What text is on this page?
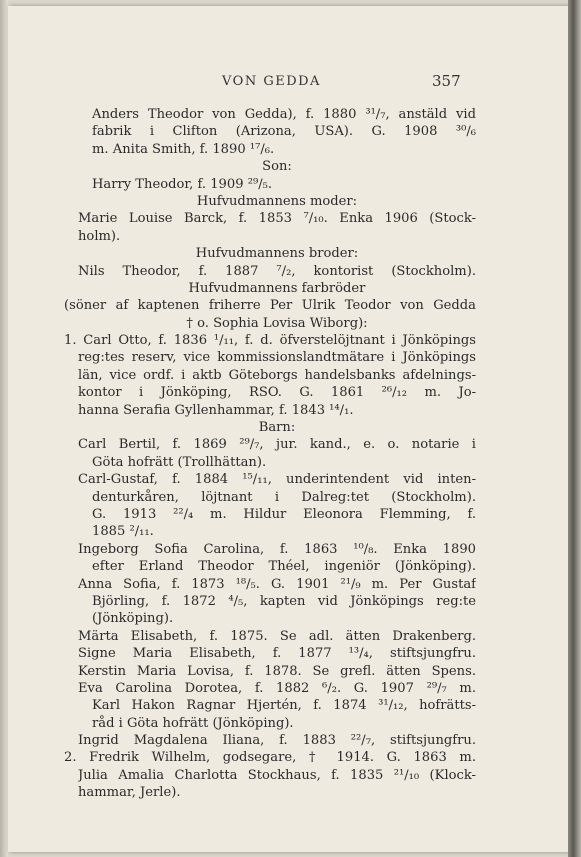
VON GEDDA	357
Anders Theodor von Gedda), f. 1880 ³¹/₇, anstäld vid
fabrik i Clifton (Arizona, USA). G. 1908 ³⁰/₆
m. Anita Smith, f. 1890 ¹⁷/₆.
Son:
Harry Theodor, f. 1909 ²⁹/₅.
Hufvudmannens moder:
Marie Louise Barck, f. 1853 ⁷/₁₀. Enka 1906 (Stock-
holm).
Hufvudmannens broder:
Nils Theodor, f. 1887 ⁷/₂, kontorist (Stockholm).
Hufvudmannens farbröder
(söner af kaptenen friherre Per Ulrik Teodor von Gedda
† o. Sophia Lovisa Wiborg):
1. Carl Otto, f. 1836 ¹/₁₁, f. d. öfverstelöjtnant i Jönköpings
reg:tes reserv, vice kommissionslandtmätare i Jönköpings
län, vice ordf. i aktb Göteborgs handelsbanks afdelnings-
kontor i Jönköping, RSO. G. 1861 ²⁶/₁₂ m. Jo-
hanna Serafia Gyllenhammar, f. 1843 ¹⁴/₁.
Barn:
Carl Bertil, f. 1869 ²⁹/₇, jur. kand., e. o. notarie i
Göta hofrätt (Trollhättan).
Carl-Gustaf, f. 1884 ¹⁵/₁₁, underintendent vid inten-
denturkåren, löjtnant i Dalreg:tet (Stockholm).
G. 1913 ²²/₄ m. Hildur Eleonora Flemming, f.
1885 ²/₁₁.
Ingeborg Sofia Carolina, f. 1863 ¹⁰/₈. Enka 1890
efter Erland Theodor Théel, ingeniör (Jönköping).
Anna Sofia, f. 1873 ¹⁸/₅. G. 1901 ²¹/₉ m. Per Gustaf
Björling, f. 1872 ⁴/₅, kapten vid Jönköpings reg:te
(Jönköping).
Märta Elisabeth, f. 1875. Se adl. ätten Drakenberg.
Signe Maria Elisabeth, f. 1877 ¹³/₄, stiftsjungfru.
Kerstin Maria Lovisa, f. 1878. Se grefl. ätten Spens.
Eva Carolina Dorotea, f. 1882 ⁶/₂. G. 1907 ²⁹/₇ m.
Karl Hakon Ragnar Hjertén, f. 1874 ³¹/₁₂, hofrätts-
råd i Göta hofrätt (Jönköping).
Ingrid Magdalena Iliana, f. 1883 ²²/₇, stiftsjungfru.
2. Fredrik Wilhelm, godsegare, † 1914. G. 1863 m.
Julia Amalia Charlotta Stockhaus, f. 1835 ²¹/₁₀ (Klock-
hammar, Jerle).
